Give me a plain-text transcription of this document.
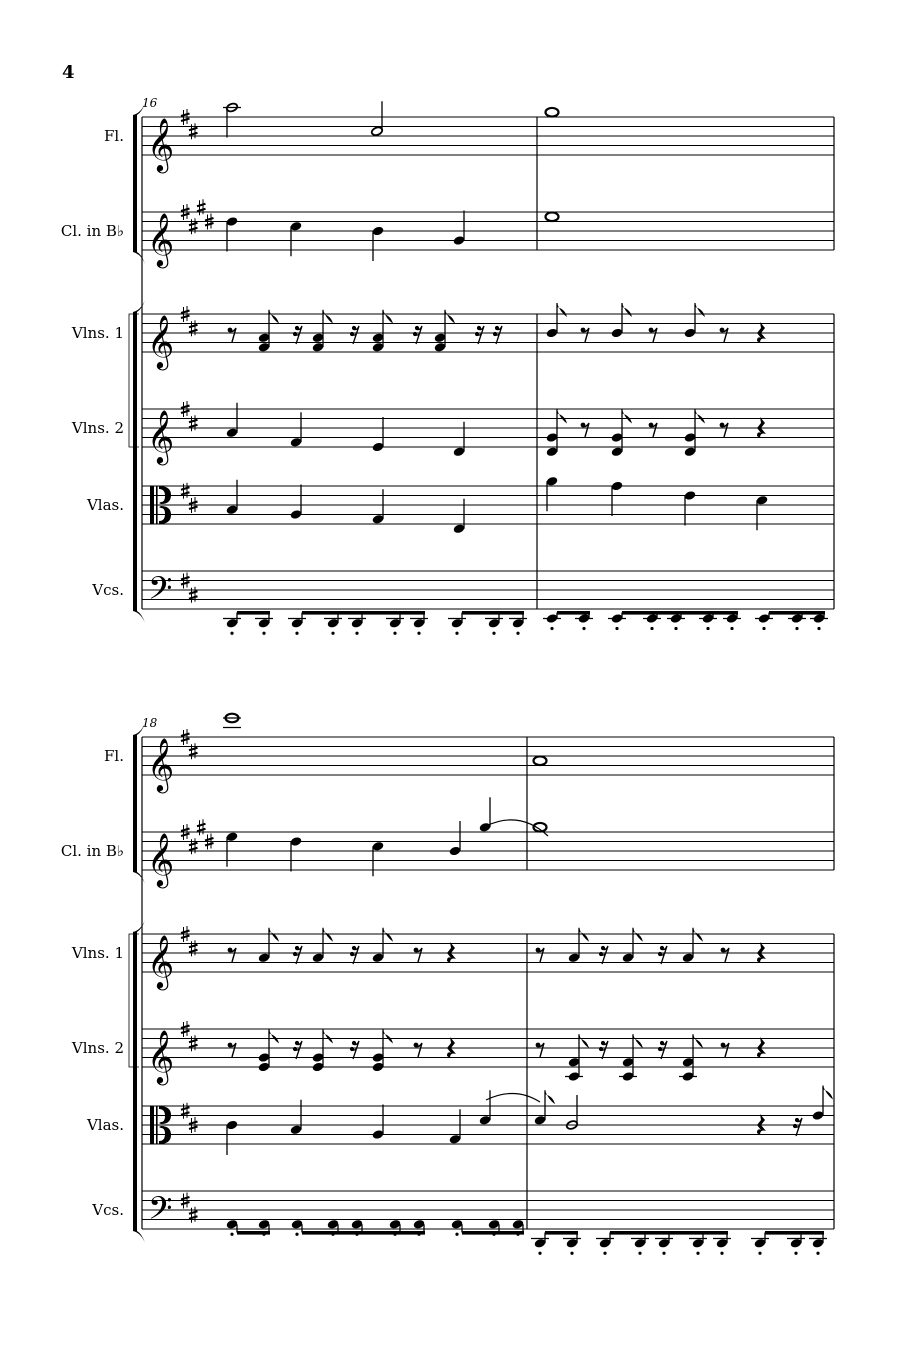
4
𝄞
Fl.
𝄞
Cl. in B♭
𝄞
Vlns. 1
𝄞
Vlns. 2
Vlas.
𝄢
Vcs.
16
𝄞
Fl.
𝄞
Cl. in B♭
𝄞
Vlns. 1
𝄞
Vlns. 2
Vlas.
𝄢
Vcs.
18
